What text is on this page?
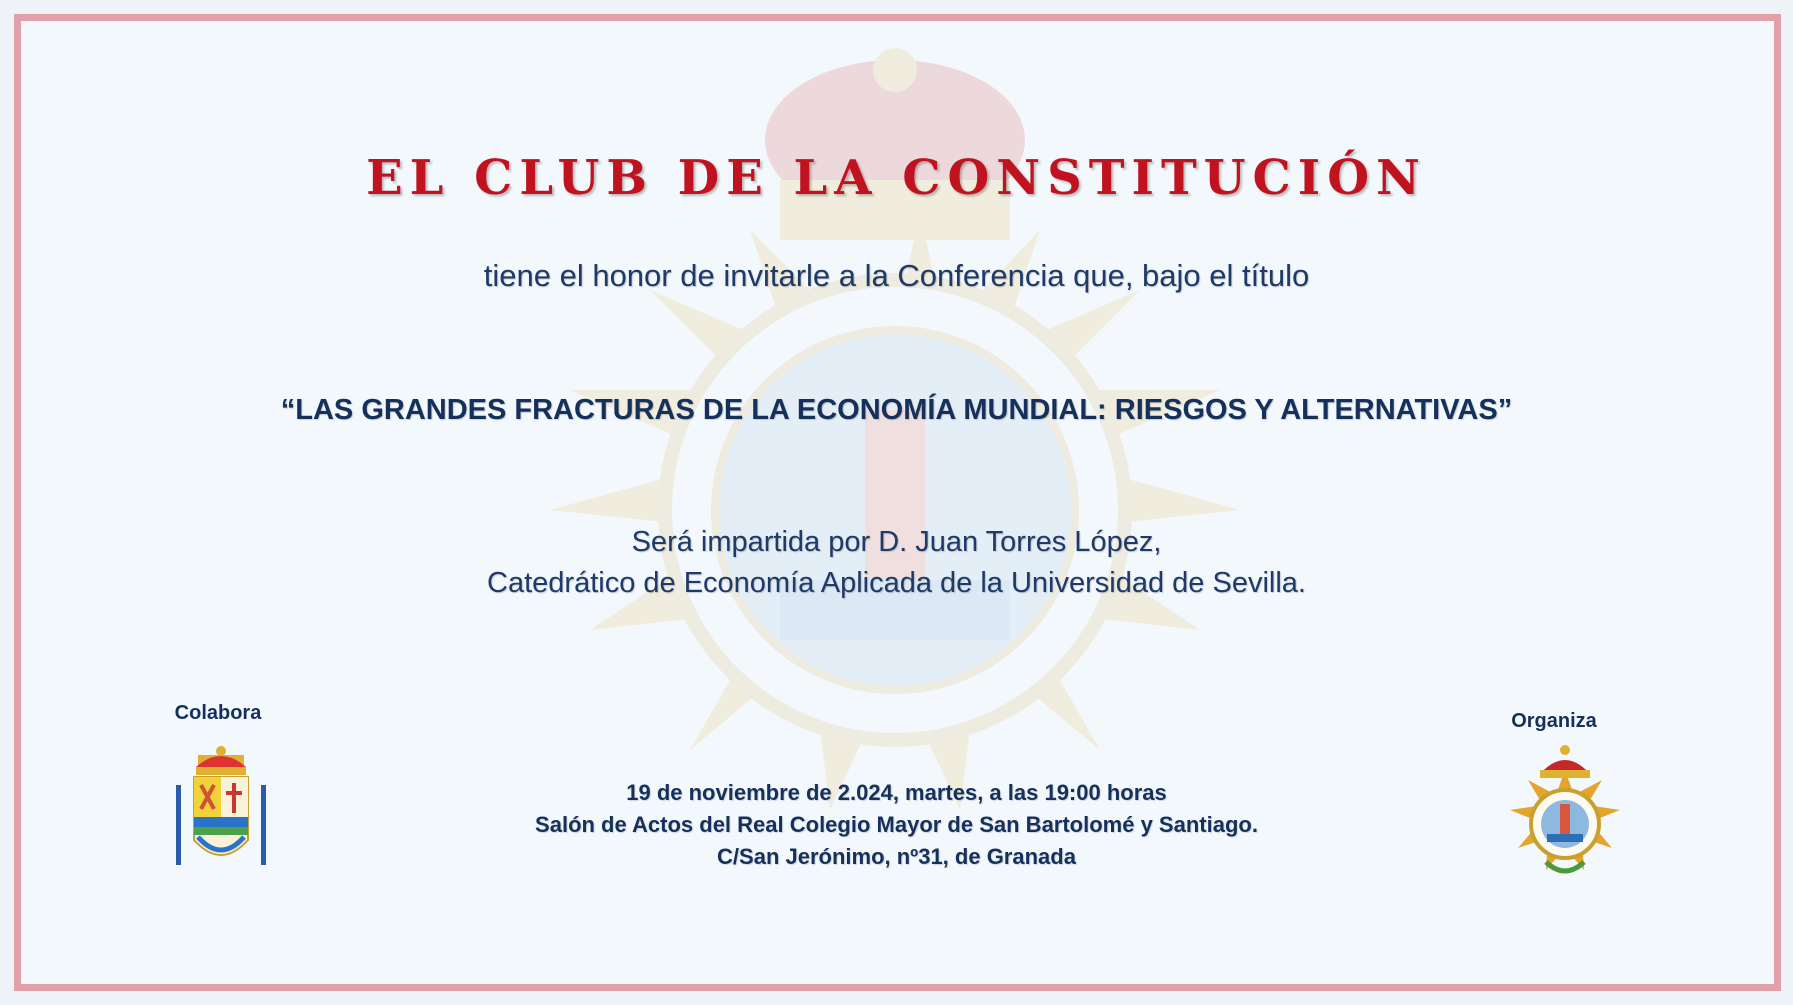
EL CLUB DE LA CONSTITUCIÓN
tiene el honor de invitarle a la Conferencia que, bajo el título
“LAS GRANDES FRACTURAS DE LA ECONOMÍA MUNDIAL: RIESGOS Y ALTERNATIVAS”
Será impartida por D. Juan Torres López,
Catedrático de Economía Aplicada de la Universidad de Sevilla.
19 de noviembre de 2.024, martes, a las 19:00 horas
Salón de Actos del Real Colegio Mayor de San Bartolomé y Santiago.
C/San Jerónimo, nº31, de Granada
Colabora	Organiza
